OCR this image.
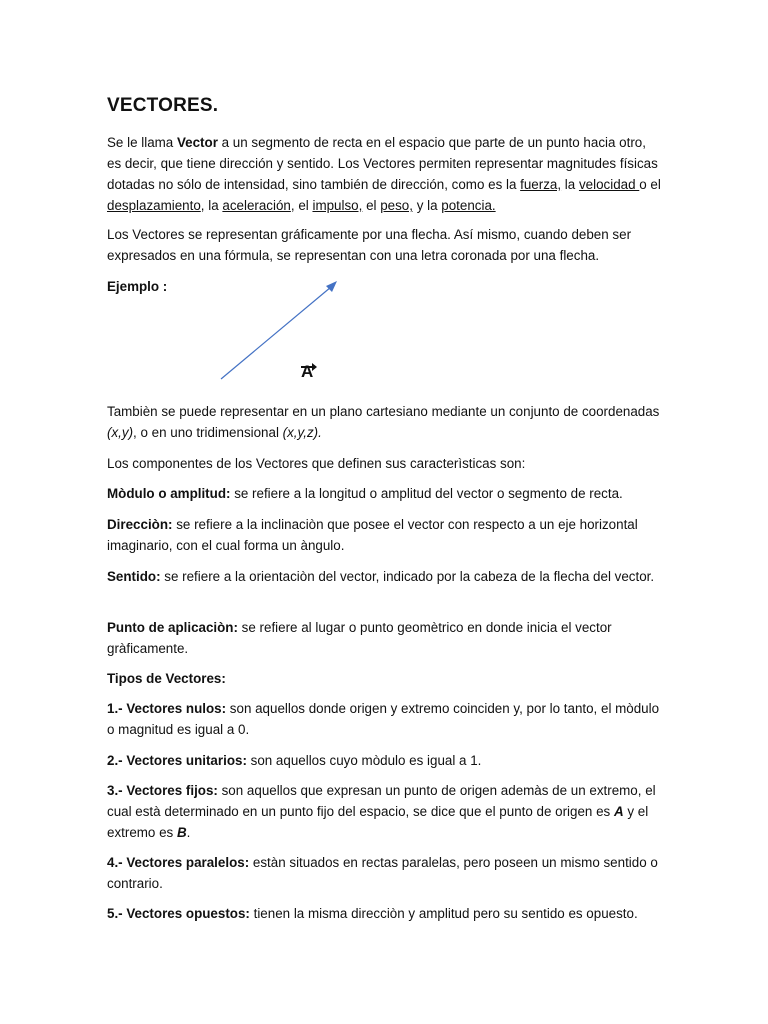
VECTORES.

Se le llama Vector a un segmento de recta en el espacio que parte de un punto hacia otro, es decir, que tiene dirección y sentido. Los Vectores permiten representar magnitudes físicas dotadas no sólo de intensidad, sino también de dirección, como es la fuerza, la velocidad o el desplazamiento, la aceleración, el impulso, el peso, y la potencia.

Los Vectores se representan gráficamente por una flecha. Así mismo, cuando deben ser expresados en una fórmula, se representan con una letra coronada por una flecha.

Ejemplo :

Tambièn se puede representar en un plano cartesiano mediante un conjunto de coordenadas (x,y), o en uno tridimensional (x,y,z).

Los componentes de los Vectores que definen sus caracterìsticas son:

Mòdulo o amplitud: se refiere a la longitud o amplitud del vector o segmento de recta.

Direcciòn: se refiere a la inclinaciòn que posee el vector con respecto a un eje horizontal imaginario, con el cual forma un àngulo.

Sentido: se refiere a la orientaciòn del vector, indicado por la cabeza de la flecha del vector.

Punto de aplicaciòn: se refiere al lugar o punto geomètrico en donde inicia el vector gràficamente.

Tipos de Vectores:

1.- Vectores nulos: son aquellos donde origen y extremo coinciden y, por lo tanto, el mòdulo o magnitud es igual a 0.

2.- Vectores unitarios: son aquellos cuyo mòdulo es igual a 1.

3.- Vectores fijos: son aquellos que expresan un punto de origen ademàs de un extremo, el cual està determinado en un punto fijo del espacio, se dice que el punto de origen es A y el extremo es B.

4.- Vectores paralelos: estàn situados en rectas paralelas, pero poseen un mismo sentido o contrario.

5.- Vectores opuestos: tienen la misma direcciòn y amplitud pero su sentido es opuesto.

A
